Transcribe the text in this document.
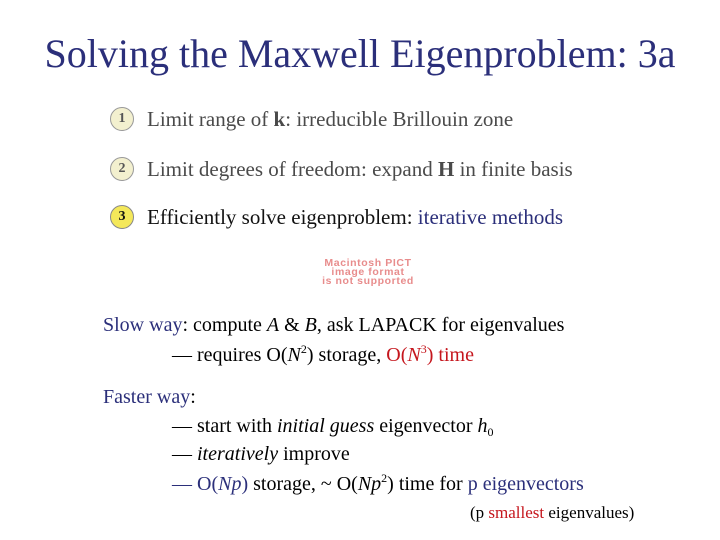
Solving the Maxwell Eigenproblem: 3a
1	Limit range of k: irreducible Brillouin zone
2	Limit degrees of freedom: expand H in finite basis
3	Efficiently solve eigenproblem: iterative methods
Macintosh PICT
image format
is not supported
Slow way: compute A & B, ask LAPACK for eigenvalues
— requires $O(N^2)$ storage, $O(N^3)$ time
Faster way:
— start with initial guess eigenvector $h_0$
— iteratively improve
— O(Np) storage, ~ O(Np$^2$) time for p eigenvectors
(p smallest eigenvalues)
